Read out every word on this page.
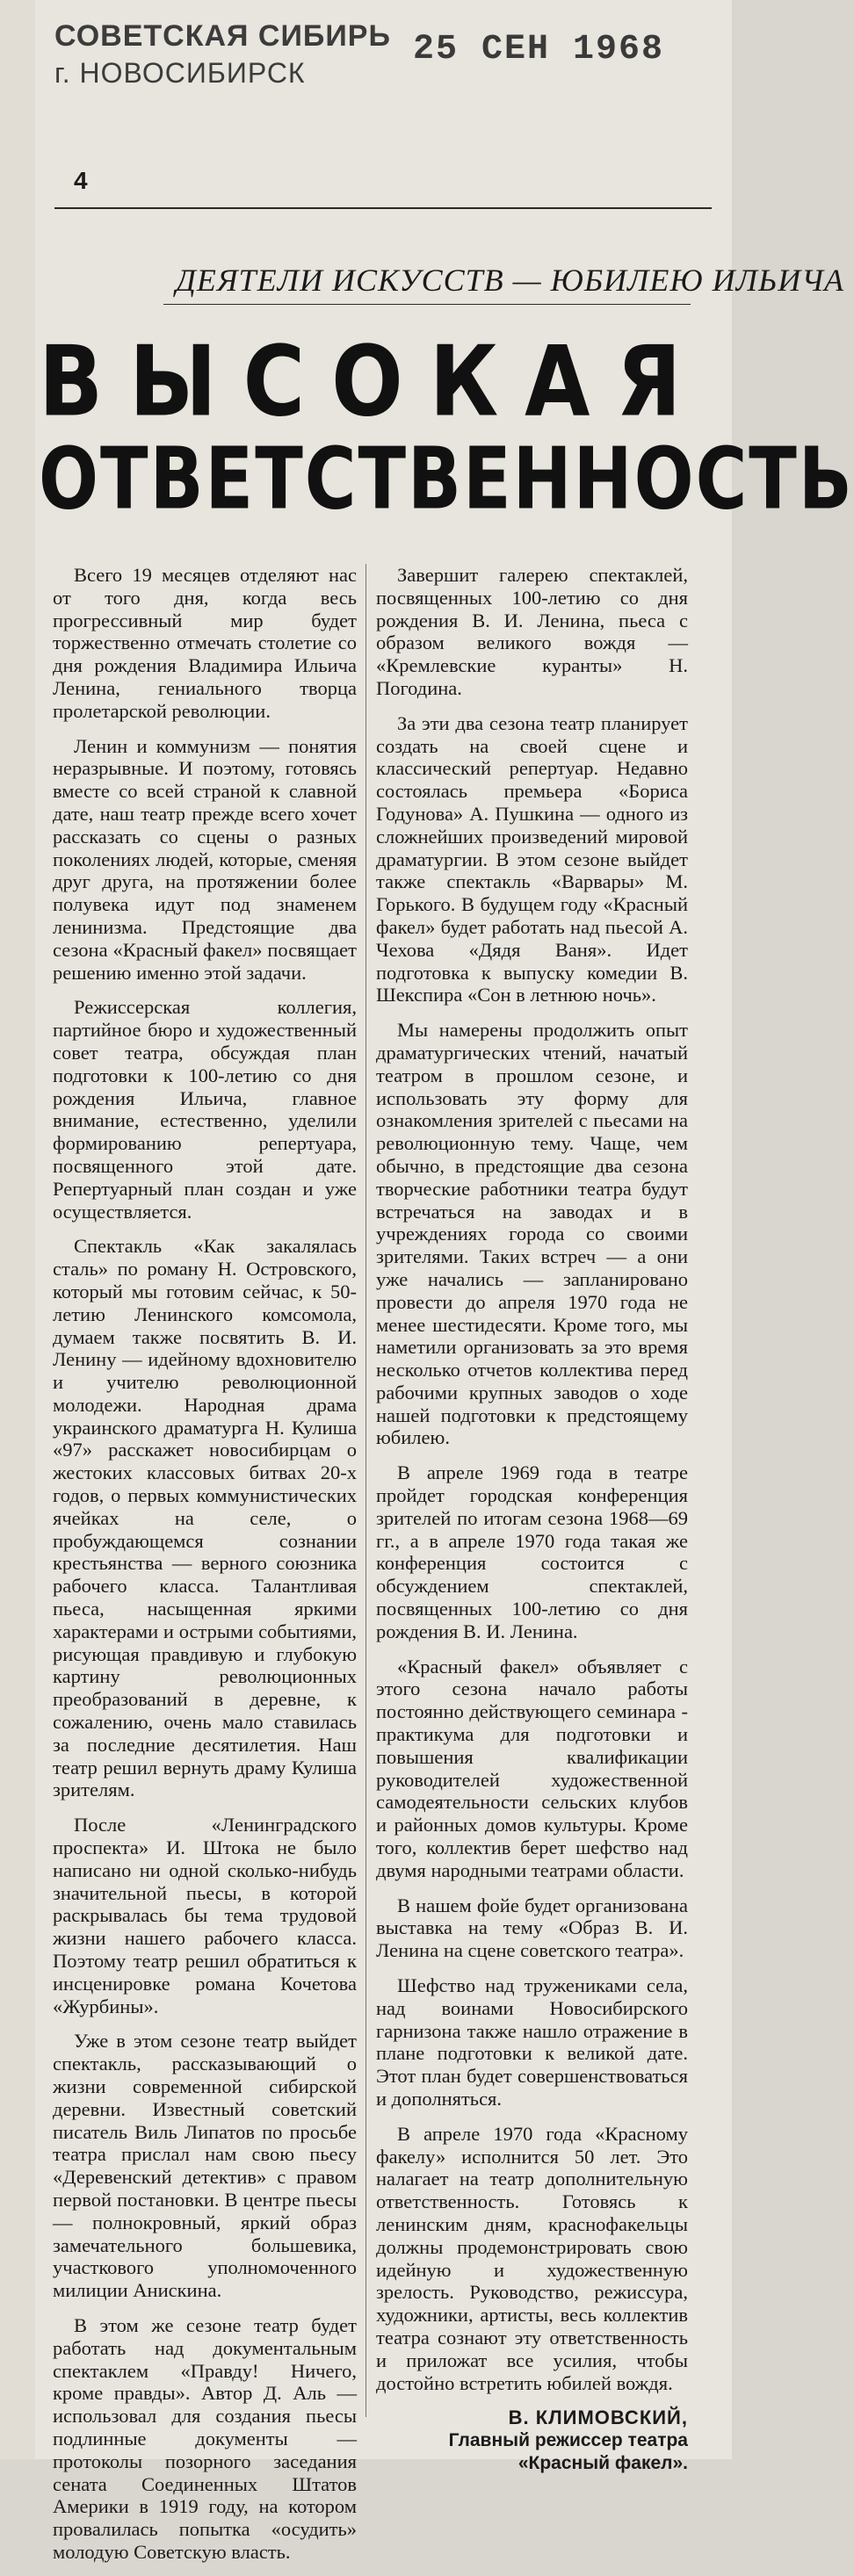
СОВЕТСКАЯ СИБИРЬ
г. НОВОСИБИРСК
25 СЕН 1968
4
ДЕЯТЕЛИ ИСКУССТВ — ЮБИЛЕЮ ИЛЬИЧА
ВЫСОКАЯ
ОТВЕТСТВЕННОСТЬ

Всего 19 месяцев отделяют нас от того дня, когда весь прогрессивный мир будет торжественно отмечать столетие со дня рождения Владимира Ильича Ленина, гениального творца пролетарской революции.

Ленин и коммунизм — понятия неразрывные. И поэтому, готовясь вместе со всей страной к славной дате, наш театр прежде всего хочет рассказать со сцены о разных поколениях людей, которые, сменяя друг друга, на протяжении более полувека идут под знаменем ленинизма. Предстоящие два сезона «Красный факел» посвящает решению именно этой задачи.

Режиссерская коллегия, партийное бюро и художественный совет театра, обсуждая план подготовки к 100-летию со дня рождения Ильича, главное внимание, естественно, уделили формированию репертуара, посвященного этой дате. Репертуарный план создан и уже осуществляется.

Спектакль «Как закалялась сталь» по роману Н. Островского, который мы готовим сейчас, к 50-летию Ленинского комсомола, думаем также посвятить В. И. Ленину — идейному вдохновителю и учителю революционной молодежи. Народная драма украинского драматурга Н. Кулиша «97» расскажет новосибирцам о жестоких классовых битвах 20-х годов, о первых коммунистических ячейках на селе, о пробуждающемся сознании крестьянства — верного союзника рабочего класса. Талантливая пьеса, насыщенная яркими характерами и острыми событиями, рисующая правдивую и глубокую картину революционных преобразований в деревне, к сожалению, очень мало ставилась за последние десятилетия. Наш театр решил вернуть драму Кулиша зрителям.

После «Ленинградского проспекта» И. Штока не было написано ни одной сколько-нибудь значительной пьесы, в которой раскрывалась бы тема трудовой жизни нашего рабочего класса. Поэтому театр решил обратиться к инсценировке романа Кочетова «Журбины».

Уже в этом сезоне театр выйдет спектакль, рассказывающий о жизни современной сибирской деревни. Известный советский писатель Виль Липатов по просьбе театра прислал нам свою пьесу «Деревенский детектив» с правом первой постановки. В центре пьесы — полнокровный, яркий образ замечательного большевика, участкового уполномоченного милиции Анискина.

В этом же сезоне театр будет работать над документальным спектаклем «Правду! Ничего, кроме правды». Автор Д. Аль — использовал для создания пьесы подлинные документы — протоколы позорного заседания сената Соединенных Штатов Америки в 1919 году, на котором провалилась попытка «осудить» молодую Советскую власть.

Завершит галерею спектаклей, посвященных 100-летию со дня рождения В. И. Ленина, пьеса с образом великого вождя — «Кремлевские куранты» Н. Погодина.

За эти два сезона театр планирует создать на своей сцене и классический репертуар. Недавно состоялась премьера «Бориса Годунова» А. Пушкина — одного из сложнейших произведений мировой драматургии. В этом сезоне выйдет также спектакль «Варвары» М. Горького. В будущем году «Красный факел» будет работать над пьесой А. Чехова «Дядя Ваня». Идет подготовка к выпуску комедии В. Шекспира «Сон в летнюю ночь».

Мы намерены продолжить опыт драматургических чтений, начатый театром в прошлом сезоне, и использовать эту форму для ознакомления зрителей с пьесами на революционную тему. Чаще, чем обычно, в предстоящие два сезона творческие работники театра будут встречаться на заводах и в учреждениях города со своими зрителями. Таких встреч — а они уже начались — запланировано провести до апреля 1970 года не менее шестидесяти. Кроме того, мы наметили организовать за это время несколько отчетов коллектива перед рабочими крупных заводов о ходе нашей подготовки к предстоящему юбилею.

В апреле 1969 года в театре пройдет городская конференция зрителей по итогам сезона 1968—69 гг., а в апреле 1970 года такая же конференция состоится с обсуждением спектаклей, посвященных 100-летию со дня рождения В. И. Ленина.

«Красный факел» объявляет с этого сезона начало работы постоянно действующего семинара - практикума для подготовки и повышения квалификации руководителей художественной самодеятельности сельских клубов и районных домов культуры. Кроме того, коллектив берет шефство над двумя народными театрами области.

В нашем фойе будет организована выставка на тему «Образ В. И. Ленина на сцене советского театра».

Шефство над тружениками села, над воинами Новосибирского гарнизона также нашло отражение в плане подготовки к великой дате. Этот план будет совершенствоваться и дополняться.

В апреле 1970 года «Красному факелу» исполнится 50 лет. Это налагает на театр дополнительную ответственность. Готовясь к ленинским дням, краснофакельцы должны продемонстрировать свою идейную и художественную зрелость. Руководство, режиссура, художники, артисты, весь коллектив театра сознают эту ответственность и приложат все усилия, чтобы достойно встретить юбилей вождя.

В. КЛИМОВСКИЙ,
Главный режиссер театра
«Красный факел».
